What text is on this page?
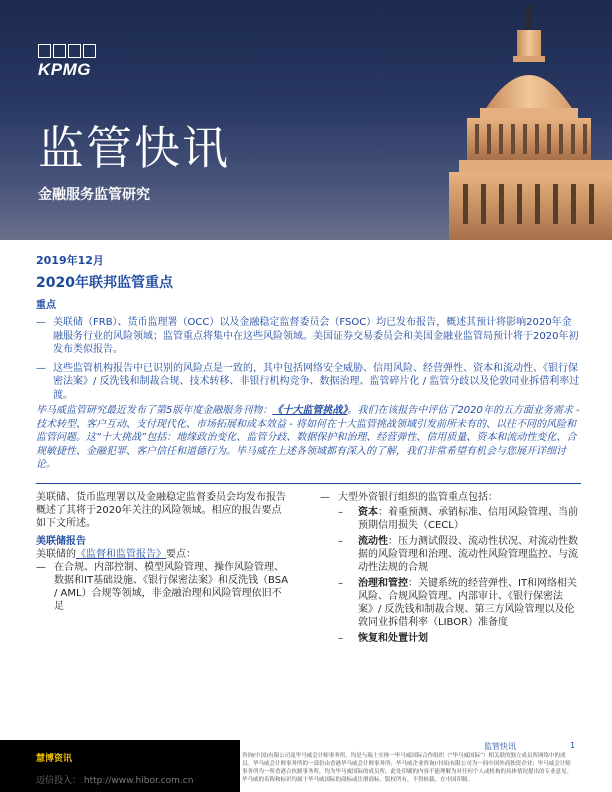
KPMG
监管快讯
金融服务监管研究
2019年12月
2020年联邦监管重点
重点
— 美联储（FRB）、货币监理署（OCC）以及金融稳定监督委员会（FSOC）均已发布报告，概述其预计将影响2020年金融服务行业的风险领域；监管重点将集中在这些风险领域。美国证券交易委员会和美国金融业监管局预计将于2020年初发布类似报告。
— 这些监管机构报告中已识别的风险点是一致的，其中包括网络安全威胁、信用风险、经营弹性、资本和流动性、《银行保密法案》/ 反洗钱和制裁合规、技术转移、非银行机构竞争、数据治理、监管碎片化 / 监管分歧以及伦敦同业拆借利率过渡。
毕马威监管研究最近发布了第5版年度金融服务刊物：《十大监管挑战》。我们在该报告中评估了2020年的五方面业务需求 - 技术转型、客户互动、支付现代化、市场拓展和成本效益 - 将如何在十大监管挑战领域引发前所未有的、以往不同的风险和监管问题。这“十大挑战”包括：地缘政治变化、监管分歧、数据保护和治理、经营弹性、信用质量、资本和流动性变化、合规敏捷性、金融犯罪、客户信任和道德行为。毕马威在上述各领域都有深入的了解，我们非常希望有机会与您展开详细讨论。
美联储、货币监理署以及金融稳定监督委员会均发布报告概述了其将于2020年关注的风险领域。相应的报告要点如下文所述。
美联储报告
美联储的《监督和监管报告》要点：
— 在合规、内部控制、模型风险管理、操作风险管理、数据和IT基础设施、《银行保密法案》和反洗钱（BSA / AML）合规等领域，非金融治理和风险管理依旧不足
— 大型外资银行组织的监管重点包括：
–	资本：着重预测、承销标准、信用风险管理、当前预期信用损失（CECL）
–	流动性：压力测试假设、流动性状况、对流动性数据的风险管理和治理、流动性风险管理监控、与流动性法规的合规
–	治理和管控：关键系统的经营弹性、IT和网络相关风险、合规风险管理、内部审计、《银行保密法案》/ 反洗钱和制裁合规、第三方风险管理以及伦敦同业拆借利率（LIBOR）准备度
–	恢复和处置计划
慧博资讯
迈信投入： http://www.hibor.com.cn
咨询(中国)有限公司及毕马威会计师事务所，均是与瑞士实体一毕马威国际合作组织（“毕马威国际”）相关联的独立成员所网络中的成员。毕马威会计师事务所的一部份由香港毕马威会计师事务所；毕马威企业咨询(中国)有限公司为一间中国外商独资企业；毕马威会计师事务所为一所香港合伙制事务所，均为毕马威国际的成员所。此处印刷的内容不能理解为对任何个人或机构的具体情况提出的专业意见。毕马威的名称和标识均属于毕马威国际的商标或注册商标。版权所有，不得转载。在中国印制。
监管快讯	1
